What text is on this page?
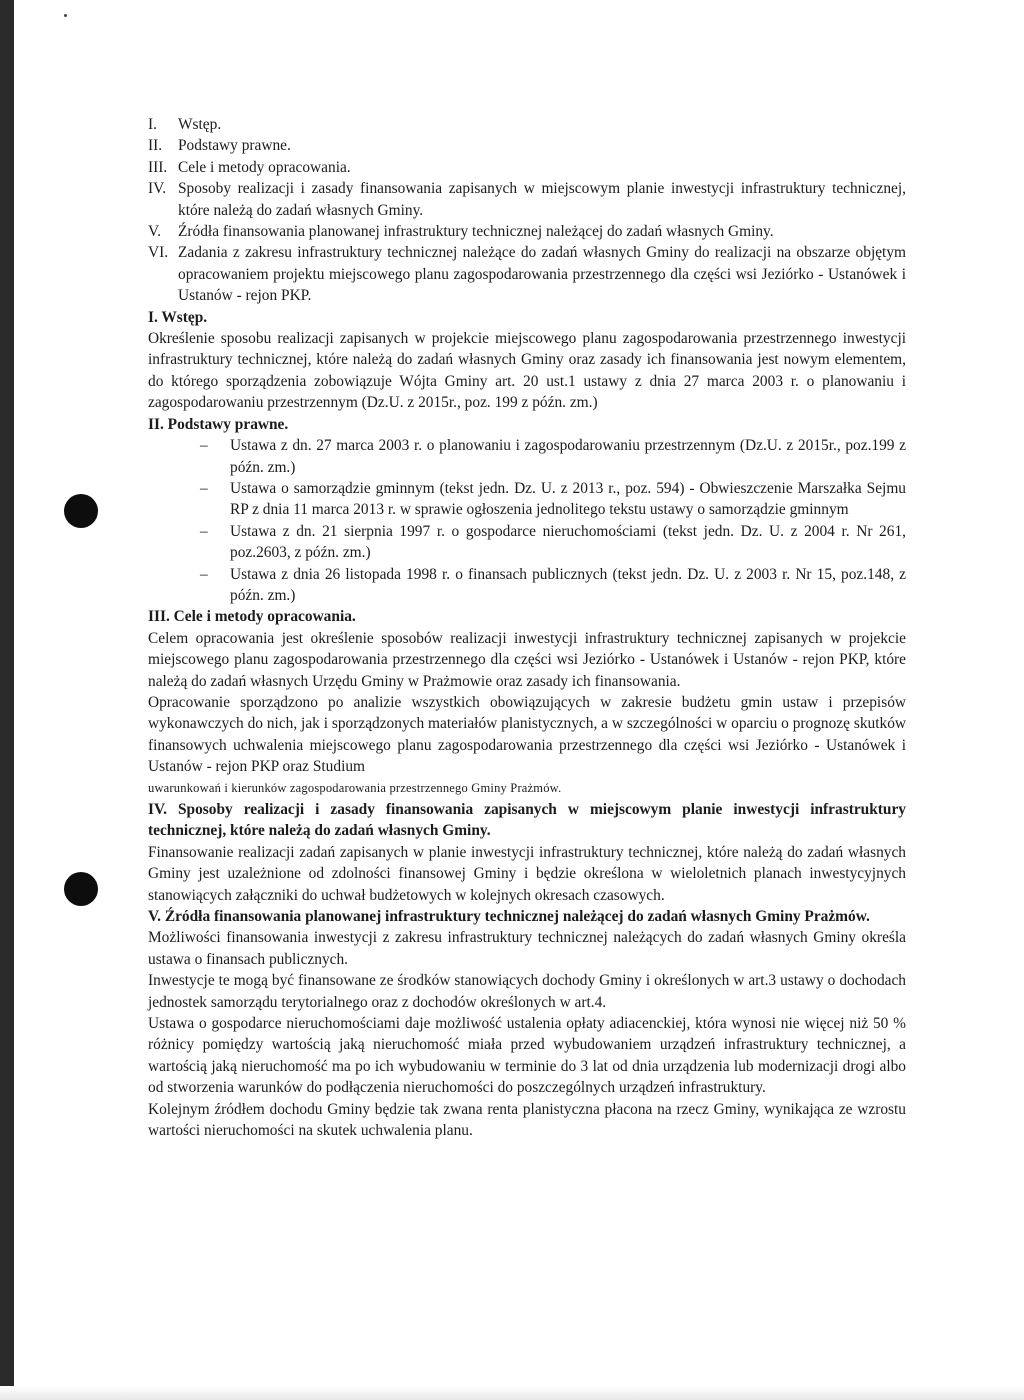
I.	Wstęp.
II.	Podstawy prawne.
III. Cele i metody opracowania.
IV. Sposoby realizacji i zasady finansowania zapisanych w miejscowym planie inwestycji infrastruktury technicznej, które należą do zadań własnych Gminy.
V.	Źródła finansowania planowanej infrastruktury technicznej należącej do zadań własnych Gminy.
VI. Zadania z zakresu infrastruktury technicznej należące do zadań własnych Gminy do realizacji na obszarze objętym opracowaniem projektu miejscowego planu zagospodarowania przestrzennego dla części wsi Jeziórko - Ustanówek i Ustanów - rejon PKP.
I. Wstęp.

Określenie sposobu realizacji zapisanych w projekcie miejscowego planu zagospodarowania przestrzennego inwestycji infrastruktury technicznej, które należą do zadań własnych Gminy oraz zasady ich finansowania jest nowym elementem, do którego sporządzenia zobowiązuje Wójta Gminy art. 20 ust.1 ustawy z dnia 27 marca 2003 r. o planowaniu i zagospodarowaniu przestrzennym (Dz.U. z 2015r., poz. 199 z późn. zm.)

II. Podstawy prawne.
–	Ustawa z dn. 27 marca 2003 r. o planowaniu i zagospodarowaniu przestrzennym (Dz.U. z 2015r., poz.199 z późn. zm.)
–	Ustawa o samorządzie gminnym (tekst jedn. Dz. U. z 2013 r., poz. 594) - Obwieszczenie Marszałka Sejmu RP z dnia 11 marca 2013 r. w sprawie ogłoszenia jednolitego tekstu ustawy o samorządzie gminnym
–	Ustawa z dn. 21 sierpnia 1997 r. o gospodarce nieruchomościami (tekst jedn. Dz. U. z 2004 r. Nr 261, poz.2603, z późn. zm.)
–	Ustawa z dnia 26 listopada 1998 r. o finansach publicznych (tekst jedn. Dz. U. z 2003 r. Nr 15, poz.148, z późn. zm.)
III. Cele i metody opracowania.

Celem opracowania jest określenie sposobów realizacji inwestycji infrastruktury technicznej zapisanych w projekcie miejscowego planu zagospodarowania przestrzennego dla części wsi Jeziórko - Ustanówek i Ustanów - rejon PKP, które należą do zadań własnych Urzędu Gminy w Prażmowie oraz zasady ich finansowania.

Opracowanie sporządzono po analizie wszystkich obowiązujących w zakresie budżetu gmin ustaw i przepisów wykonawczych do nich, jak i sporządzonych materiałów planistycznych, a w szczególności w oparciu o prognozę skutków finansowych uchwalenia miejscowego planu zagospodarowania przestrzennego dla części wsi Jeziórko - Ustanówek i Ustanów - rejon PKP oraz Studium

uwarunkowań i kierunków zagospodarowania przestrzennego Gminy Prażmów.

IV. Sposoby realizacji i zasady finansowania zapisanych w miejscowym planie inwestycji infrastruktury technicznej, które należą do zadań własnych Gminy.

Finansowanie realizacji zadań zapisanych w planie inwestycji infrastruktury technicznej, które należą do zadań własnych Gminy jest uzależnione od zdolności finansowej Gminy i będzie określona w wieloletnich planach inwestycyjnych stanowiących załączniki do uchwał budżetowych w kolejnych okresach czasowych.

V. Źródła finansowania planowanej infrastruktury technicznej należącej do zadań własnych Gminy Prażmów.

Możliwości finansowania inwestycji z zakresu infrastruktury technicznej należących do zadań własnych Gminy określa ustawa o finansach publicznych.

Inwestycje te mogą być finansowane ze środków stanowiących dochody Gminy i określonych w art.3 ustawy o dochodach jednostek samorządu terytorialnego oraz z dochodów określonych w art.4.

Ustawa o gospodarce nieruchomościami daje możliwość ustalenia opłaty adiacenckiej, która wynosi nie więcej niż 50 % różnicy pomiędzy wartością jaką nieruchomość miała przed wybudowaniem urządzeń infrastruktury technicznej, a wartością jaką nieruchomość ma po ich wybudowaniu w terminie do 3 lat od dnia urządzenia lub modernizacji drogi albo od stworzenia warunków do podłączenia nieruchomości do poszczególnych urządzeń infrastruktury.

Kolejnym źródłem dochodu Gminy będzie tak zwana renta planistyczna płacona na rzecz Gminy, wynikająca ze wzrostu wartości nieruchomości na skutek uchwalenia planu.
